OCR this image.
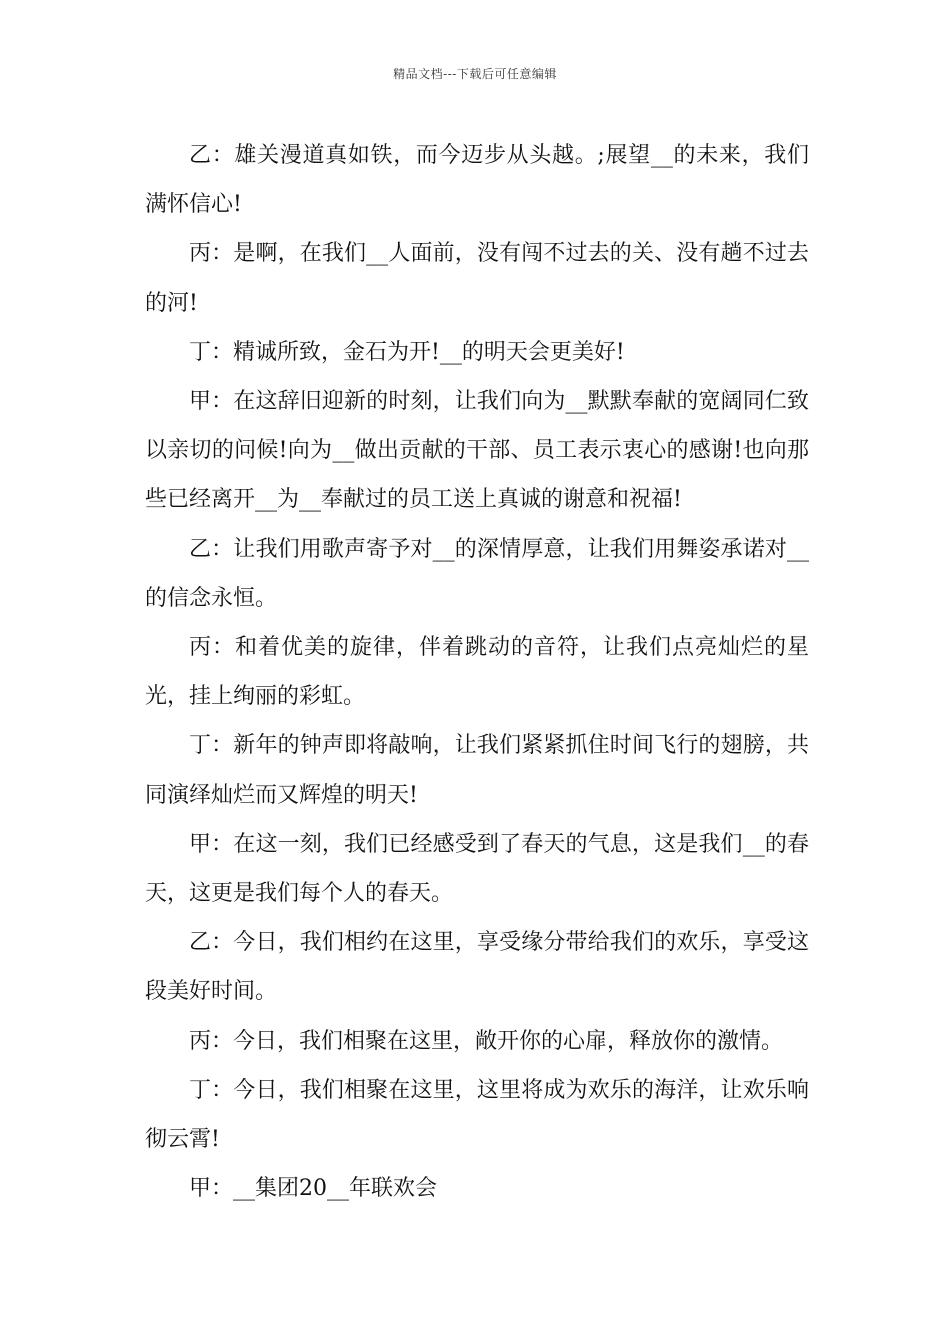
精品文档---下载后可任意编辑

乙：雄关漫道真如铁，而今迈步从头越。;展望__的未来，我们满怀信心!

丙：是啊，在我们__人面前，没有闯不过去的关、没有趟不过去的河!

丁：精诚所致，金石为开!__的明天会更美好!

甲：在这辞旧迎新的时刻，让我们向为__默默奉献的宽阔同仁致以亲切的问候!向为__做出贡献的干部、员工表示衷心的感谢!也向那些已经离开__为__奉献过的员工送上真诚的谢意和祝福!

乙：让我们用歌声寄予对__的深情厚意，让我们用舞姿承诺对__的信念永恒。

丙：和着优美的旋律，伴着跳动的音符，让我们点亮灿烂的星光，挂上绚丽的彩虹。

丁：新年的钟声即将敲响，让我们紧紧抓住时间飞行的翅膀，共同演绎灿烂而又辉煌的明天!

甲：在这一刻，我们已经感受到了春天的气息，这是我们__的春天，这更是我们每个人的春天。

乙：今日，我们相约在这里，享受缘分带给我们的欢乐，享受这段美好时间。

丙：今日，我们相聚在这里，敞开你的心扉，释放你的激情。

丁：今日，我们相聚在这里，这里将成为欢乐的海洋，让欢乐响彻云霄!

甲：__集团20__年联欢会
